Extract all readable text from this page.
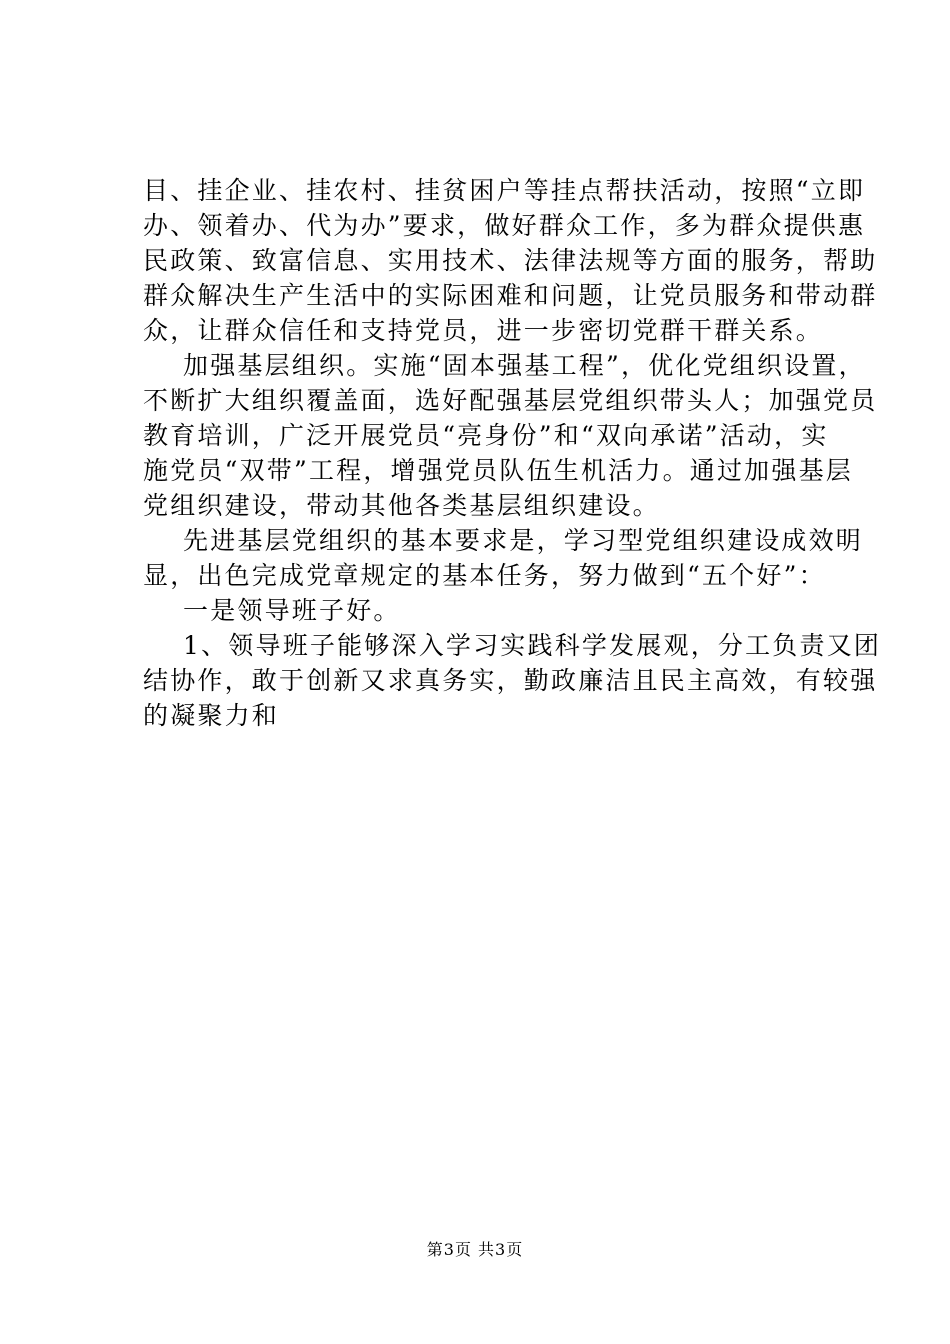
目、挂企业、挂农村、挂贫困户等挂点帮扶活动，按照“立即
办、领着办、代为办”要求，做好群众工作，多为群众提供惠
民政策、致富信息、实用技术、法律法规等方面的服务，帮助
群众解决生产生活中的实际困难和问题，让党员服务和带动群
众，让群众信任和支持党员，进一步密切党群干群关系。
加强基层组织。实施“固本强基工程”，优化党组织设置，
不断扩大组织覆盖面，选好配强基层党组织带头人；加强党员
教育培训，广泛开展党员“亮身份”和“双向承诺”活动，实
施党员“双带”工程，增强党员队伍生机活力。通过加强基层
党组织建设，带动其他各类基层组织建设。
先进基层党组织的基本要求是，学习型党组织建设成效明
显，出色完成党章规定的基本任务，努力做到“五个好”：
一是领导班子好。
1、领导班子能够深入学习实践科学发展观，分工负责又团
结协作，敢于创新又求真务实，勤政廉洁且民主高效，有较强
的凝聚力和
第3页 共3页
